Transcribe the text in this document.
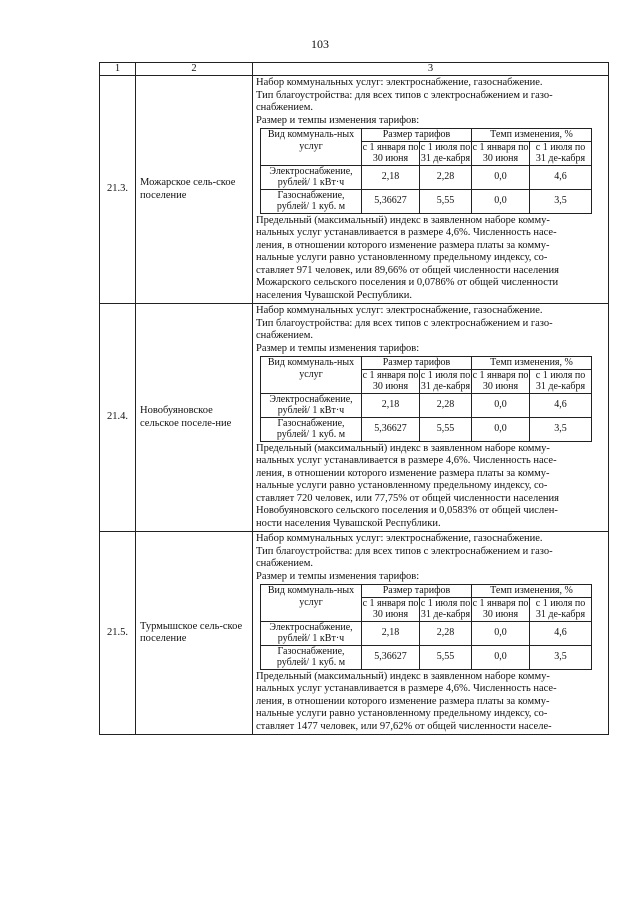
103
1	2	3
21.3.	Можарское сель-ское поселение	
Набор коммунальных услуг: электроснабжение, газоснабжение.
Тип благоустройства: для всех типов с электроснабжением и газо-
снабжением.
Размер и темпы изменения тарифов:
Вид коммуналь-ных услуг	Размер тарифов	Темп изменения, %
с 1 января по 30 июня	с 1 июля по 31 де-кабря	с 1 января по 30 июня	с 1 июля по 31 де-кабря
Электроснабжение, рублей/ 1 кВт·ч	2,18	2,28	0,0	4,6
Газоснабжение, рублей/ 1 куб. м	5,36627	5,55	0,0	3,5
Предельный (максимальный) индекс в заявленном наборе комму-
нальных услуг устанавливается в размере 4,6%. Численность насе-
ления, в отношении которого изменение размера платы за комму-
нальные услуги равно установленному предельному индексу, со-
ставляет 971 человек, или 89,66% от общей численности населения
Можарского сельского поселения и 0,0786% от общей численности
населения Чувашской Республики.

21.4.	Новобуяновское сельское поселе-ние	
Набор коммунальных услуг: электроснабжение, газоснабжение.
Тип благоустройства: для всех типов с электроснабжением и газо-
снабжением.
Размер и темпы изменения тарифов:
Вид коммуналь-ных услуг	Размер тарифов	Темп изменения, %
с 1 января по 30 июня	с 1 июля по 31 де-кабря	с 1 января по 30 июня	с 1 июля по 31 де-кабря
Электроснабжение, рублей/ 1 кВт·ч	2,18	2,28	0,0	4,6
Газоснабжение, рублей/ 1 куб. м	5,36627	5,55	0,0	3,5
Предельный (максимальный) индекс в заявленном наборе комму-
нальных услуг устанавливается в размере 4,6%. Численность насе-
ления, в отношении которого изменение размера платы за комму-
нальные услуги равно установленному предельному индексу, со-
ставляет 720 человек, или 77,75% от общей численности населения
Новобуяновского сельского поселения и 0,0583% от общей числен-
ности населения Чувашской Республики.

21.5.	Турмышское сель-ское поселение	
Набор коммунальных услуг: электроснабжение, газоснабжение.
Тип благоустройства: для всех типов с электроснабжением и газо-
снабжением.
Размер и темпы изменения тарифов:
Вид коммуналь-ных услуг	Размер тарифов	Темп изменения, %
с 1 января по 30 июня	с 1 июля по 31 де-кабря	с 1 января по 30 июня	с 1 июля по 31 де-кабря
Электроснабжение, рублей/ 1 кВт·ч	2,18	2,28	0,0	4,6
Газоснабжение, рублей/ 1 куб. м	5,36627	5,55	0,0	3,5
Предельный (максимальный) индекс в заявленном наборе комму-
нальных услуг устанавливается в размере 4,6%. Численность насе-
ления, в отношении которого изменение размера платы за комму-
нальные услуги равно установленному предельному индексу, со-
ставляет 1477 человек, или 97,62% от общей численности населе-
